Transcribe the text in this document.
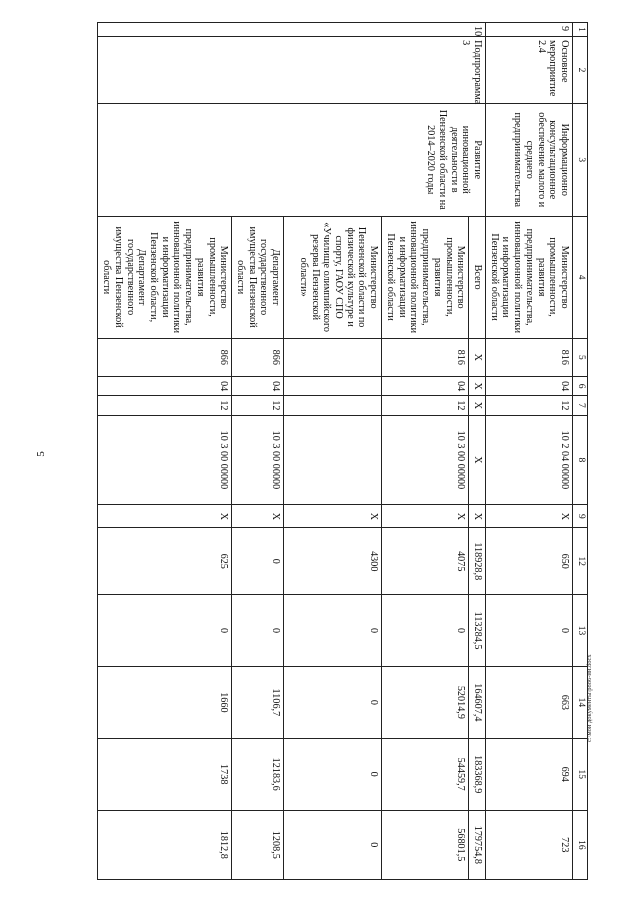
5
c:\мои документы\p886-ин.docx
1	2	3	4	5	6	7	8	9	12	13	14	15	16
9	Основное мероприятие 2.4	Информационно консультационное обеспечение малого и среднего предпринимательства	Министерство промышленности, развития предпринимательства, инновационной политики и информатизации Пензенской области	816	04	12	10 2 04 00000	Х	650	0	663	694	723
10	Подпрограмма 3	Развитие инновационной деятельности в Пензенской области на 2014–2020 годы	Всего	Х	Х	Х	Х	Х	118928,8	113284,5	164607,4	183368,9	179754,8
			Министерство промышленности, развития предпринимательства, инновационной политики и информатизации Пензенской области	816	04	12	10 3 00 00000	Х	4075	0	52014,9	54459,7	56801,5
			Министерство Пензенской области по физической культуре и спорту, ГАОУ СПО «Училище олимпийского резерва Пензенской области»					Х	4300	0	0	0	0
			Департамент государственного имущества Пензенской области	866	04	12	10 3 00 00000	Х	0	0	1106,7	12183,6	1208,5
			Министерство промышленности, развития предпринимательства, инновационной политики и информатизации Пензенской области, Департамент государственного имущества Пензенской области	866	04	12	10 3 00 00000	Х	625	0	1660	1738	1812,8
